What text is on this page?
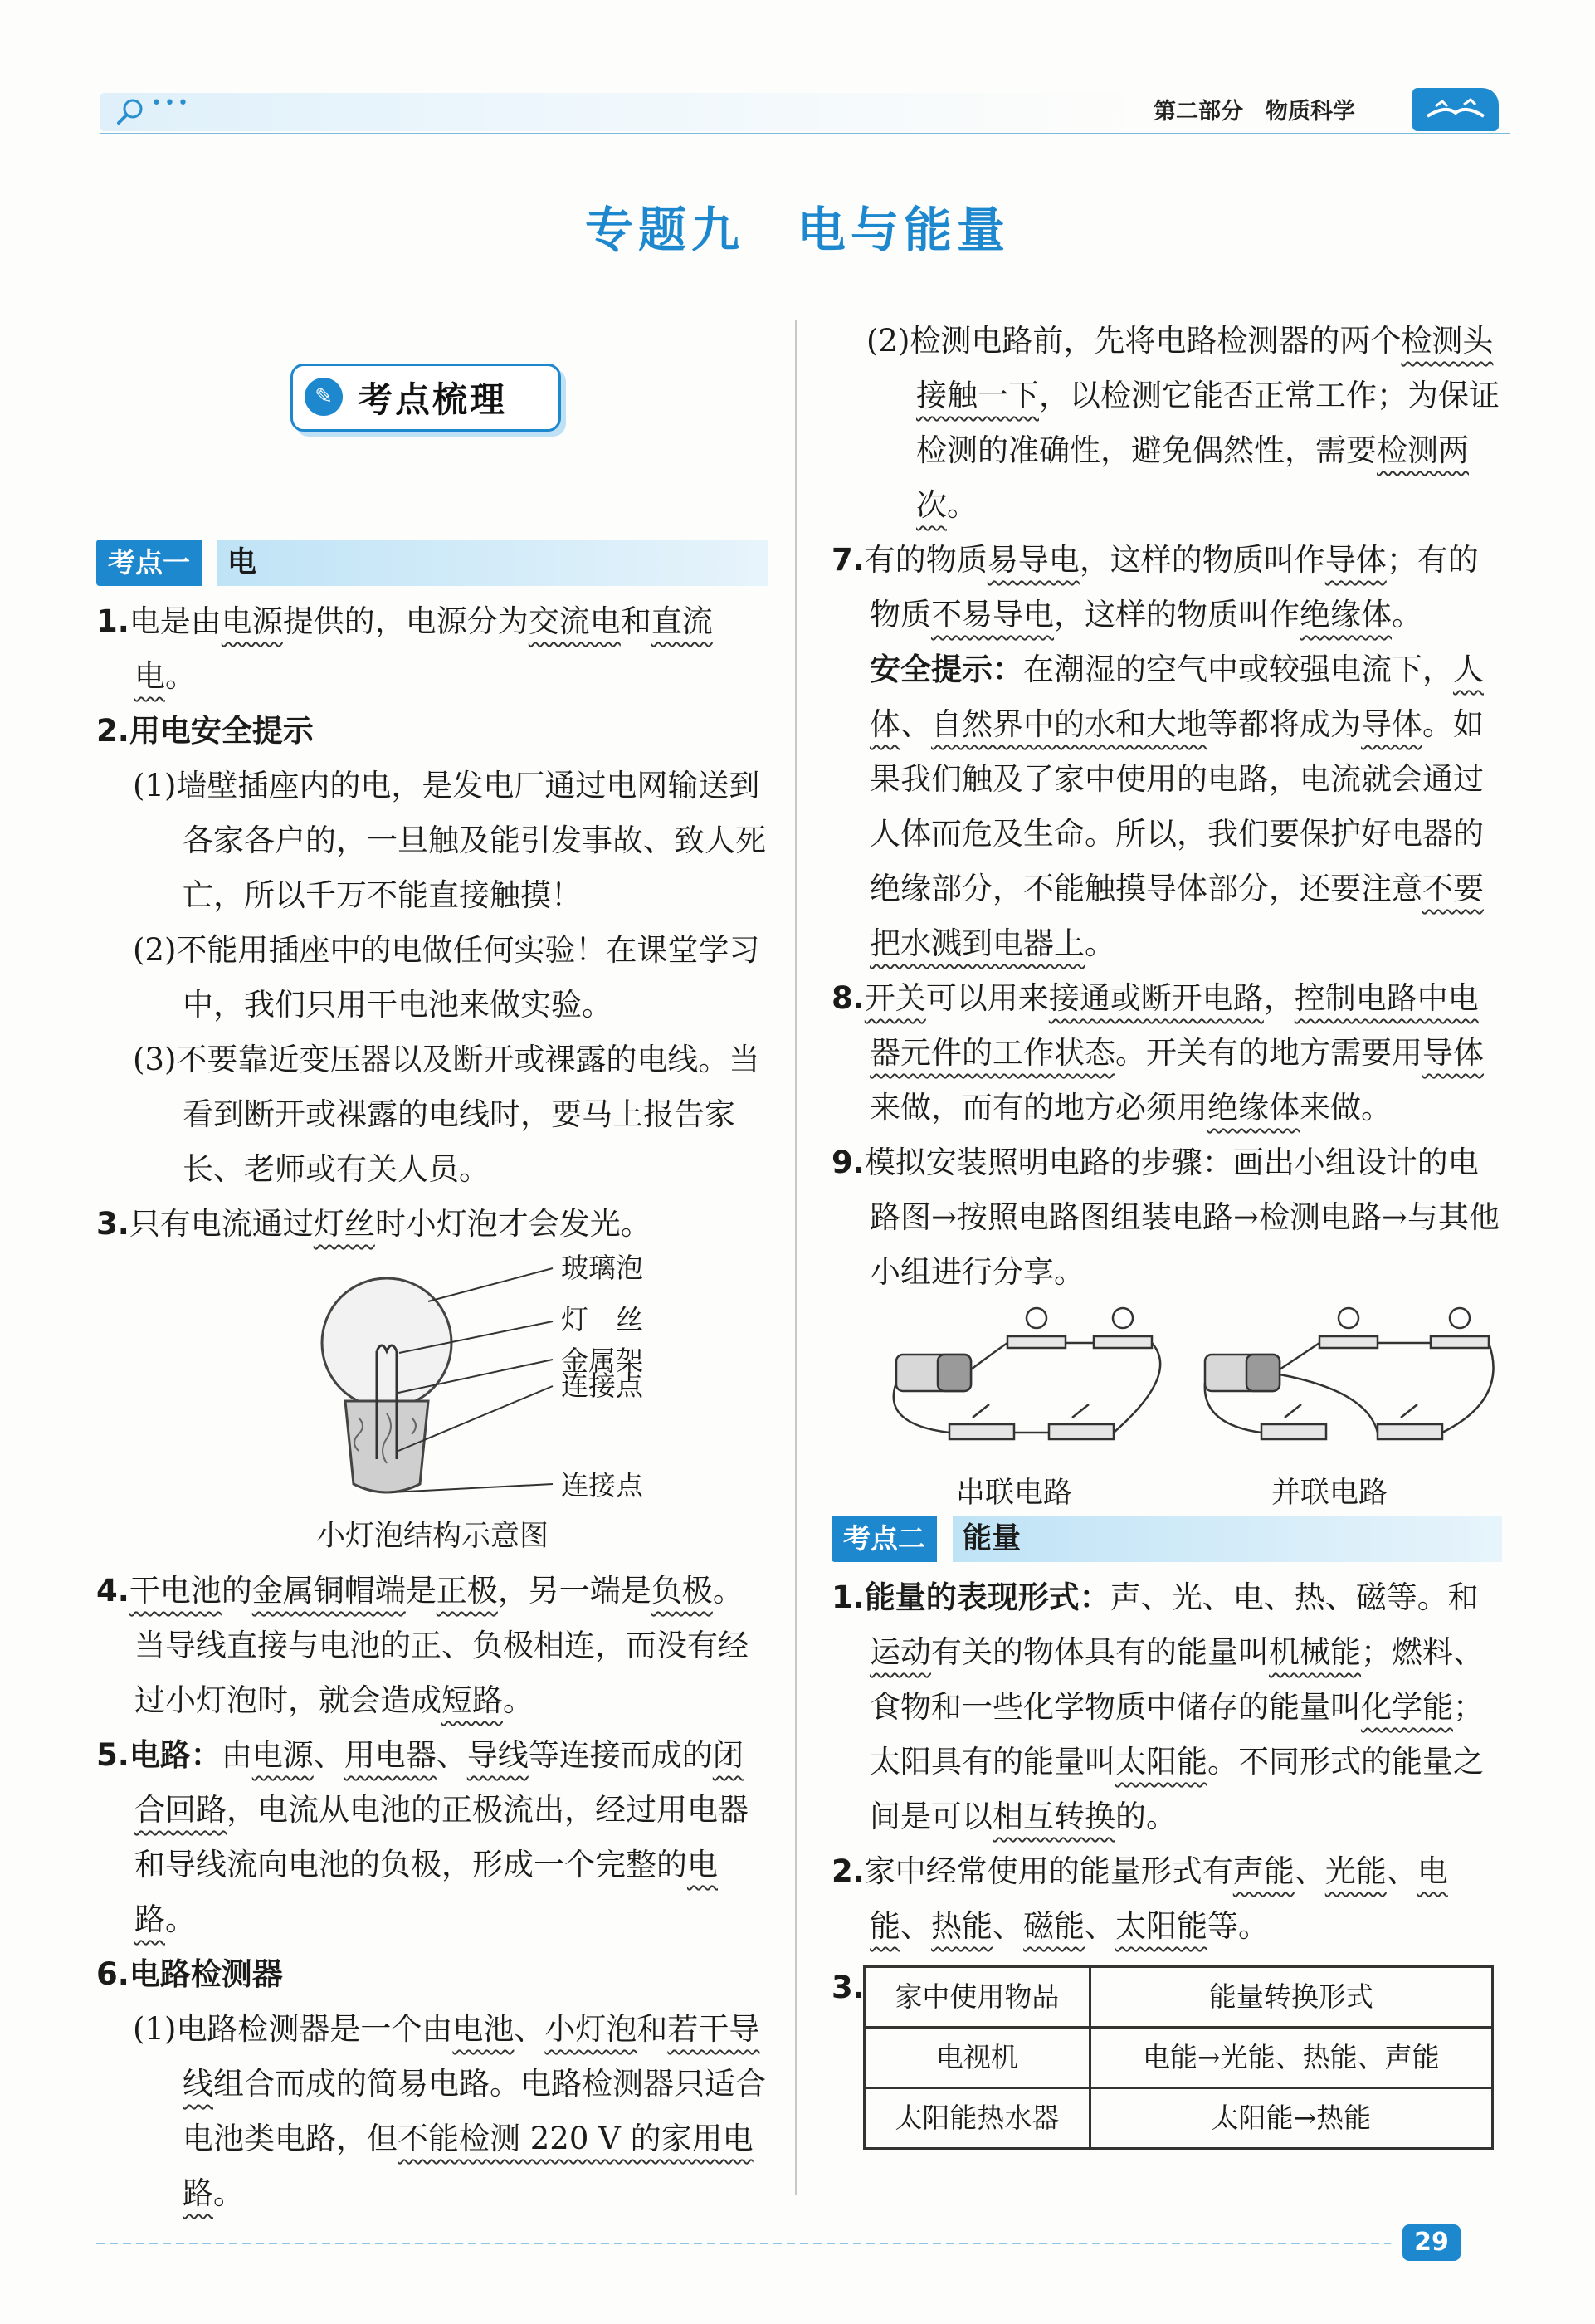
•••	第二部分　物质科学
专题九　电与能量
✎ 考点梳理
考点一	电

1.电是由电源提供的，电源分为交流电和直流电。

2.用电安全提示

(1)墙壁插座内的电，是发电厂通过电网输送到各家各户的，一旦触及能引发事故、致人死亡，所以千万不能直接触摸！

(2)不能用插座中的电做任何实验！在课堂学习中，我们只用干电池来做实验。

(3)不要靠近变压器以及断开或裸露的电线。当看到断开或裸露的电线时，要马上报告家长、老师或有关人员。

3.只有电流通过灯丝时小灯泡才会发光。

玻璃泡
灯　丝
金属架
连接点
连接点

小灯泡结构示意图

4.干电池的金属铜帽端是正极，另一端是负极。当导线直接与电池的正、负极相连，而没有经过小灯泡时，就会造成短路。

5.电路：由电源、用电器、导线等连接而成的闭合回路，电流从电池的正极流出，经过用电器和导线流向电池的负极，形成一个完整的电路。

6.电路检测器

(1)电路检测器是一个由电池、小灯泡和若干导线组合而成的简易电路。电路检测器只适合电池类电路，但不能检测 220 V 的家用电路。

(2)检测电路前，先将电路检测器的两个检测头接触一下，以检测它能否正常工作；为保证检测的准确性，避免偶然性，需要检测两次。

7.有的物质易导电，这样的物质叫作导体；有的物质不易导电，这样的物质叫作绝缘体。

安全提示：在潮湿的空气中或较强电流下，人体、自然界中的水和大地等都将成为导体。如果我们触及了家中使用的电路，电流就会通过人体而危及生命。所以，我们要保护好电器的绝缘部分，不能触摸导体部分，还要注意不要把水溅到电器上。

8.开关可以用来接通或断开电路，控制电路中电器元件的工作状态。开关有的地方需要用导体来做，而有的地方必须用绝缘体来做。

9.模拟安装照明电路的步骤：画出小组设计的电路图→按照电路图组装电路→检测电路→与其他小组进行分享。

串联电路	并联电路
考点二	能量

1.能量的表现形式：声、光、电、热、磁等。和运动有关的物体具有的能量叫机械能；燃料、食物和一些化学物质中储存的能量叫化学能；太阳具有的能量叫太阳能。不同形式的能量之间是可以相互转换的。

2.家中经常使用的能量形式有声能、光能、电能、热能、磁能、太阳能等。

3. 家中使用物品	能量转换形式
电视机	电能→光能、热能、声能
太阳能热水器	太阳能→热能
29
